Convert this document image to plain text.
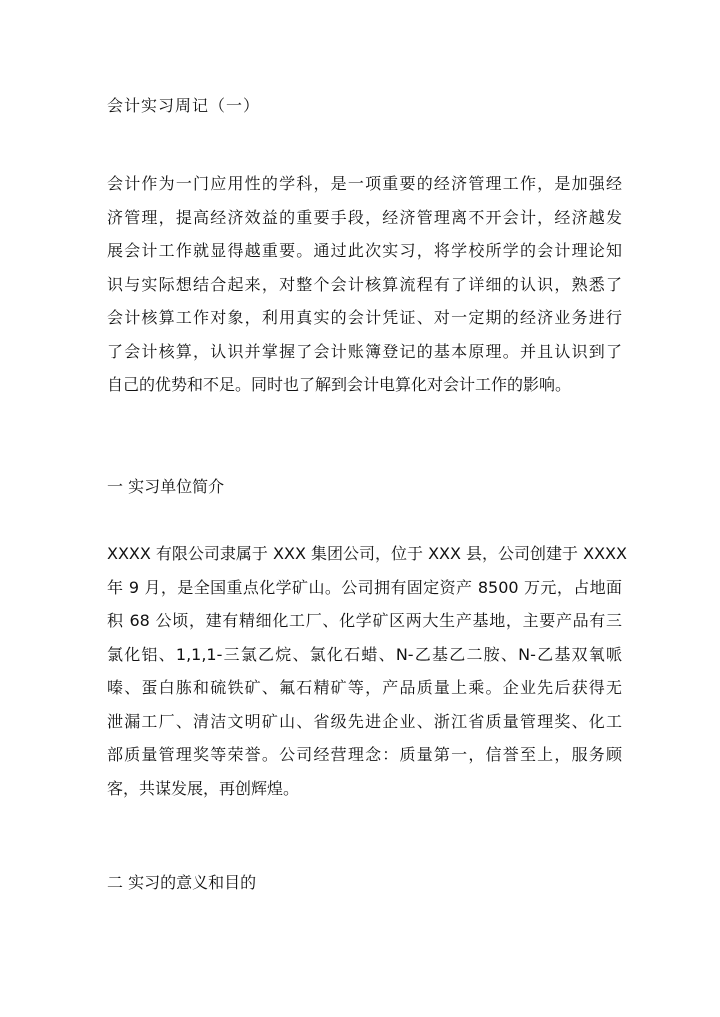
会计实习周记（一）
会计作为一门应用性的学科，是一项重要的经济管理工作，是加强经
济管理，提高经济效益的重要手段，经济管理离不开会计，经济越发
展会计工作就显得越重要。通过此次实习，将学校所学的会计理论知
识与实际想结合起来，对整个会计核算流程有了详细的认识，熟悉了
会计核算工作对象，利用真实的会计凭证、对一定期的经济业务进行
了会计核算，认识并掌握了会计账簿登记的基本原理。并且认识到了
自己的优势和不足。同时也了解到会计电算化对会计工作的影响。
一 实习单位简介
XXXX 有限公司隶属于 XXX 集团公司，位于 XXX 县，公司创建于 XXXX
年 9 月，是全国重点化学矿山。公司拥有固定资产 8500 万元，占地面
积 68 公顷，建有精细化工厂、化学矿区两大生产基地，主要产品有三
氯化铝、1,1,1-三氯乙烷、氯化石蜡、N-乙基乙二胺、N-乙基双氧哌
嗪、蛋白胨和硫铁矿、氟石精矿等，产品质量上乘。企业先后获得无
泄漏工厂、清洁文明矿山、省级先进企业、浙江省质量管理奖、化工
部质量管理奖等荣誉。公司经营理念：质量第一，信誉至上，服务顾
客，共谋发展，再创辉煌。
二 实习的意义和目的
